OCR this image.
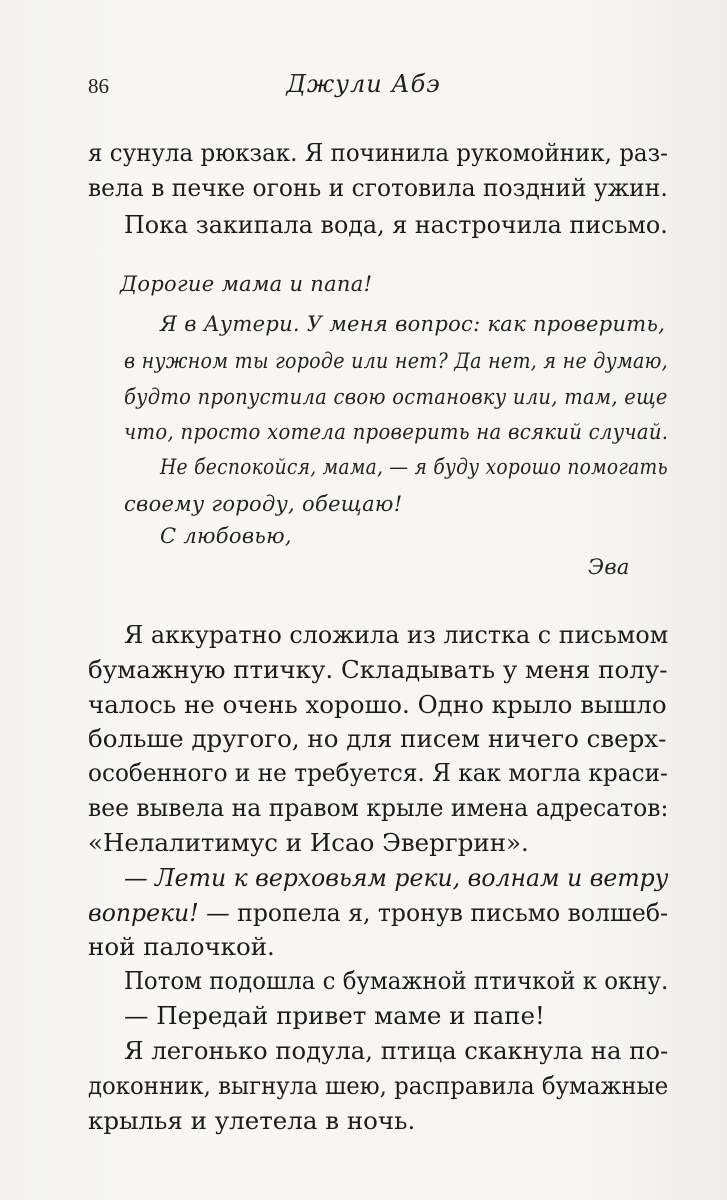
86	Джули Абэ
я сунула рюкзак. Я починила рукомойник, раз-
вела в печке огонь и сготовила поздний ужин.
Пока закипала вода, я настрочила письмо.
Дорогие мама и папа!
Я в Аутери. У меня вопрос: как проверить,
в нужном ты городе или нет? Да нет, я не думаю,
будто пропустила свою остановку или, там, еще
что, просто хотела проверить на всякий случай.
Не беспокойся, мама, — я буду хорошо помогать
своему городу, обещаю!
С любовью,
Эва
Я аккуратно сложила из листка с письмом
бумажную птичку. Складывать у меня полу-
чалось не очень хорошо. Одно крыло вышло
больше другого, но для писем ничего сверх-
особенного и не требуется. Я как могла краси-
вее вывела на правом крыле имена адресатов:
«Нелалитимус и Исао Эвергрин».
— Лети к верховьям реки, волнам и ветру
вопреки! — пропела я, тронув письмо волшеб-
ной палочкой.
Потом подошла с бумажной птичкой к окну.
— Передай привет маме и папе!
Я легонько подула, птица скакнула на по-
доконник, выгнула шею, расправила бумажные
крылья и улетела в ночь.
